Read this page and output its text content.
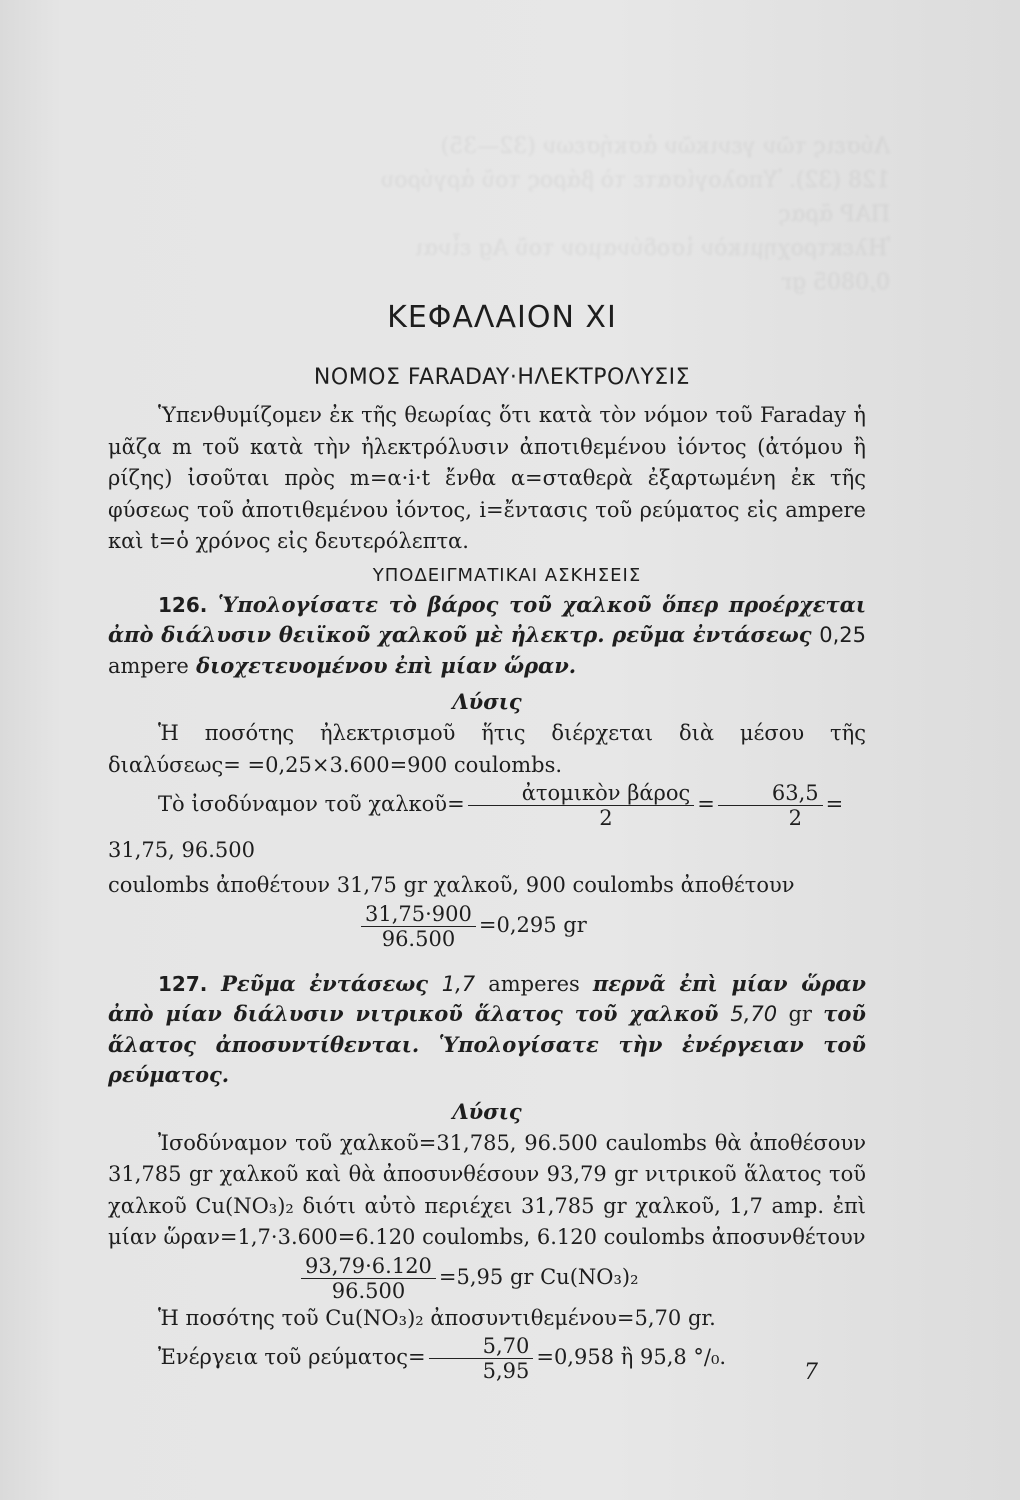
Λύσεις τῶν γενικῶν ἀσκήσεων (32—35)
128 (32). Ὑπολογίσατε τὸ βάρος τοῦ ἀργύρου
ΠΑΡ ᾶρας
Ἠλεκτροχημικὸν ἰσοδύναμον τοῦ Ag εἶναι
0,0805 gr
ΚΕΦΑΛΑΙΟΝ XI
ΝΟΜΟΣ FARADAY·ΗΛΕΚΤΡΟΛΥΣΙΣ
Ὑπενθυμίζομεν ἐκ τῆς θεωρίας ὅτι κατὰ τὸν νόμον τοῦ Faraday ἡ μᾶζα m τοῦ κατὰ τὴν ἠλεκτρόλυσιν ἀποτιθεμένου ἰόντος (ἀτόμου ἢ ρίζης) ἰσοῦται πρὸς m=α·i·t ἔνθα α=σταθερὰ ἐξαρτωμένη ἐκ τῆς φύσεως τοῦ ἀποτιθεμένου ἰόντος, i=ἔντασις τοῦ ρεύματος εἰς ampere καὶ t=ὁ χρόνος εἰς δευτερόλεπτα.
ΥΠΟΔΕΙΓΜΑΤΙΚΑΙ ΑΣΚΗΣΕΙΣ
126. Ὑπολογίσατε τὸ βάρος τοῦ χαλκοῦ ὅπερ προέρχεται ἀπὸ διάλυσιν θειϊκοῦ χαλκοῦ μὲ ἠλεκτρ. ρεῦμα ἐντάσεως 0,25 ampere διοχετευομένου ἐπὶ μίαν ὥραν.
Λύσις
Ἡ ποσότης ἠλεκτρισμοῦ ἥτις διέρχεται διὰ μέσου τῆς διαλύσεως= =0,25×3.600=900 coulombs.
Τὸ ἰσοδύναμον τοῦ χαλκοῦ= $\frac{\text{ἀτομικὸν βάρος}}{2} = \frac{63,5}{2} = 31,75$, 96.500
coulombs ἀποθέτουν 31,75 gr χαλκοῦ, 900 coulombs ἀποθέτουν
$\frac{31,75\cdot 900}{96.500} =0,295$ gr
127. Ρεῦμα ἐντάσεως 1,7 amperes περνᾶ ἐπὶ μίαν ὥραν ἀπὸ μίαν διάλυσιν νιτρικοῦ ἅλατος τοῦ χαλκοῦ 5,70 gr τοῦ ἅλατος ἀποσυντίθενται. Ὑπολογίσατε τὴν ἐνέργειαν τοῦ ρεύματος.
Λύσις
Ἰσοδύναμον τοῦ χαλκοῦ=31,785, 96.500 caulombs θὰ ἀποθέσουν 31,785 gr χαλκοῦ καὶ θὰ ἀποσυνθέσουν 93,79 gr νιτρικοῦ ἅλατος τοῦ χαλκοῦ Cu(NO₃)₂ διότι αὐτὸ περιέχει 31,785 gr χαλκοῦ, 1,7 amp. ἐπὶ μίαν ὥραν=1,7·3.600=6.120 coulombs, 6.120 coulombs ἀποσυνθέτουν
$\frac{93,79\cdot 6.120}{96.500} =5,95$ gr Cu(NO₃)₂
Ἡ ποσότης τοῦ Cu(NO₃)₂ ἀποσυντιθεμένου=5,70 gr.
Ἐνέργεια τοῦ $\rho\varepsilon ύ\mu\alpha\tau o\varsigma= \frac{5,70}{5,95} =0,958$ ἢ 95,8 °/₀.
7
